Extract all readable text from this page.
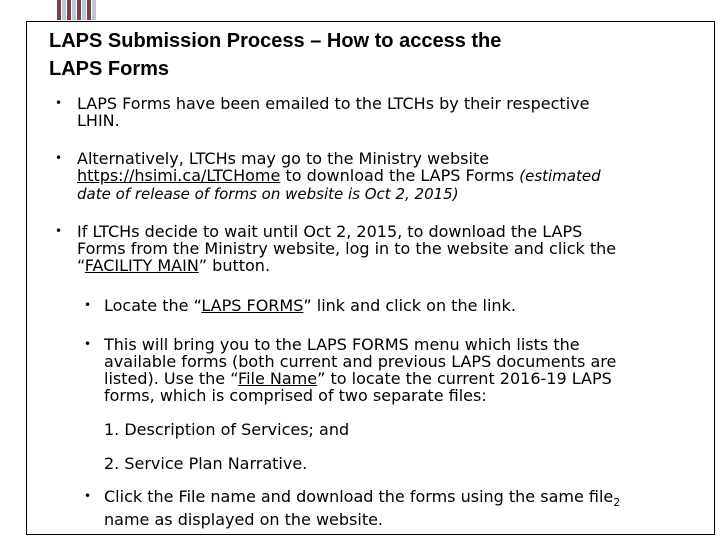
LAPS Submission Process – How to access the
LAPS Forms
• LAPS Forms have been emailed to the LTCHs by their respective
LHIN.
• Alternatively, LTCHs may go to the Ministry website
https://hsimi.ca/LTCHome to download the LAPS Forms (estimated
date of release of forms on website is Oct 2, 2015)
• If LTCHs decide to wait until Oct 2, 2015, to download the LAPS
Forms from the Ministry website, log in to the website and click the
“FACILITY MAIN” button.
• Locate the “LAPS FORMS” link and click on the link.
• This will bring you to the LAPS FORMS menu which lists the
available forms (both current and previous LAPS documents are
listed). Use the “File Name” to locate the current 2016-19 LAPS
forms, which is comprised of two separate files:
1. Description of Services; and
2. Service Plan Narrative.
• Click the File name and download the forms using the same file$_2$
name as displayed on the website.
